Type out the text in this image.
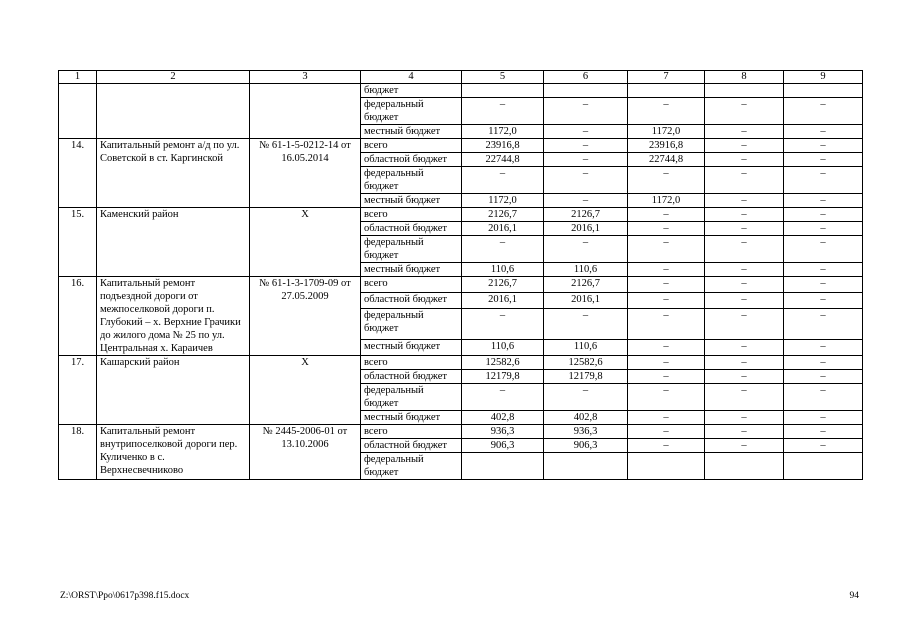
1	2	3	4	5	6	7	8	9
			бюджет					
			федеральный бюджет	–	–	–	–	–
			местный бюджет	1172,0	–	1172,0	–	–
14.	Капитальный ремонт а/д по ул. Советской в ст. Каргинской	№ 61-1-5-0212-14 от 16.05.2014	всего	23916,8	–	23916,8	–	–
			областной бюджет	22744,8	–	22744,8	–	–
			федеральный бюджет	–	–	–	–	–
			местный бюджет	1172,0	–	1172,0	–	–
15.	Каменский район	Х	всего	2126,7	2126,7	–	–	–
			областной бюджет	2016,1	2016,1	–	–	–
			федеральный бюджет	–	–	–	–	–
			местный бюджет	110,6	110,6	–	–	–
16.	Капитальный ремонт подъездной дороги от межпоселковой дороги п. Глубокий – х. Верхние Грачики до жилого дома № 25 по ул. Центральная х. Караичев	№ 61-1-3-1709-09 от 27.05.2009	всего	2126,7	2126,7	–	–	–
			областной бюджет	2016,1	2016,1	–	–	–
			федеральный бюджет	–	–	–	–	–
			местный бюджет	110,6	110,6	–	–	–
17.	Кашарский район	Х	всего	12582,6	12582,6	–	–	–
			областной бюджет	12179,8	12179,8	–	–	–
			федеральный бюджет	–	–	–	–	–
			местный бюджет	402,8	402,8	–	–	–
18.	Капитальный ремонт внутрипоселковой дороги пер. Куличенко в с. Верхнесвечниково	№ 2445-2006-01 от 13.10.2006	всего	936,3	936,3	–	–	–
			областной бюджет	906,3	906,3	–	–	–
			федеральный бюджет					
Z:\ORST\Ppo\0617p398.f15.docx	94
